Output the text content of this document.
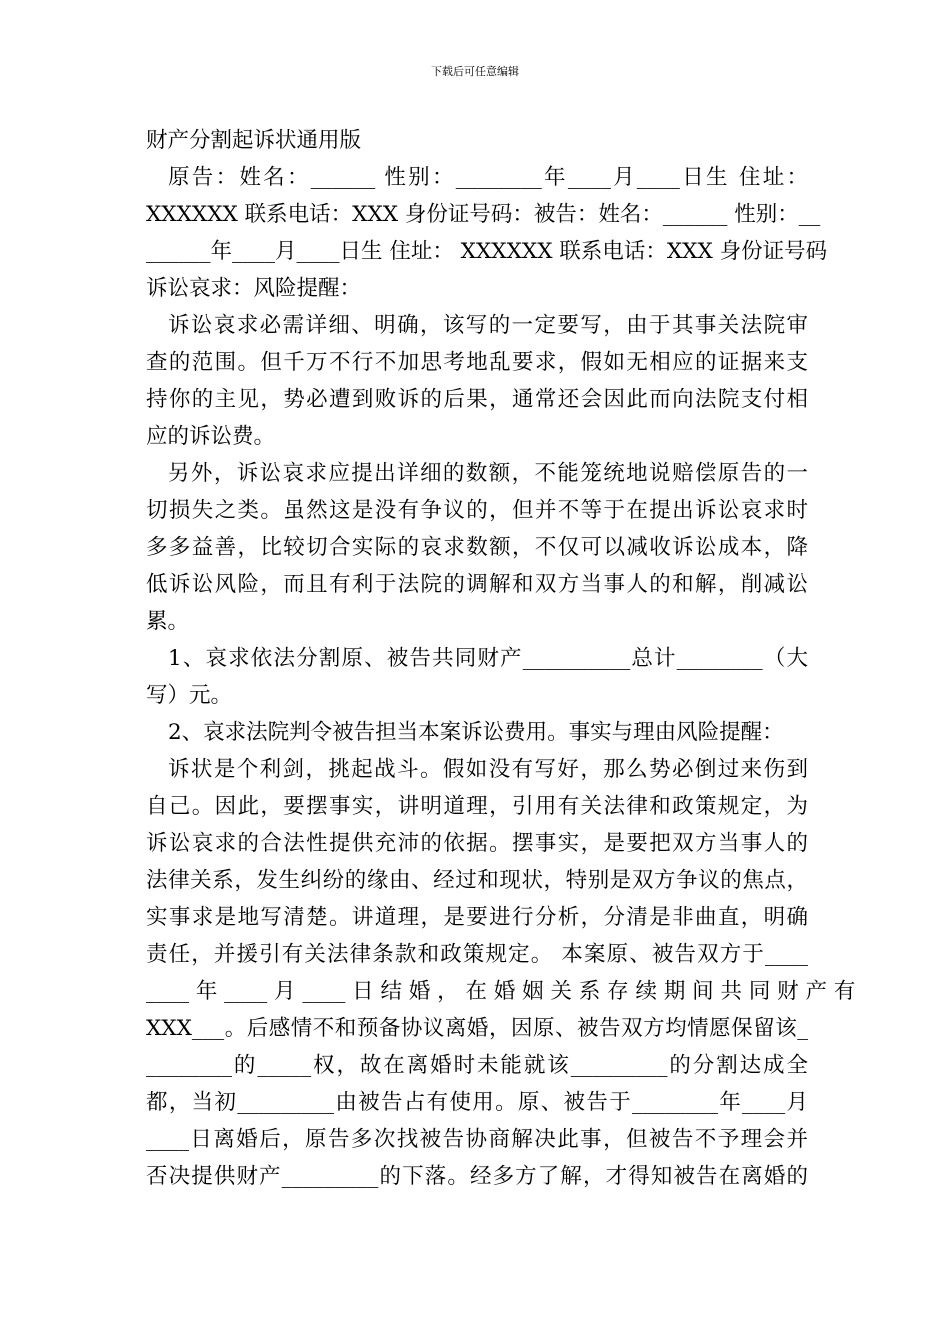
下载后可任意编辑
财产分割起诉状通用版
原告：姓名：______ 性别：________年____月____日生 住址：
XXXXXX 联系电话：XXX 身份证号码：被告：姓名：______ 性别：__
______年____月____日生 住址： XXXXXX 联系电话：XXX 身份证号码
诉讼哀求：风险提醒：
诉讼哀求必需详细、明确，该写的一定要写，由于其事关法院审
查的范围。但千万不行不加思考地乱要求，假如无相应的证据来支
持你的主见，势必遭到败诉的后果，通常还会因此而向法院支付相
应的诉讼费。
另外，诉讼哀求应提出详细的数额，不能笼统地说赔偿原告的一
切损失之类。虽然这是没有争议的，但并不等于在提出诉讼哀求时
多多益善，比较切合实际的哀求数额，不仅可以减收诉讼成本，降
低诉讼风险，而且有利于法院的调解和双方当事人的和解，削减讼
累。
1、哀求依法分割原、被告共同财产__________总计________（大
写）元。
2、哀求法院判令被告担当本案诉讼费用。事实与理由风险提醒：
诉状是个利剑，挑起战斗。假如没有写好，那么势必倒过来伤到
自己。因此，要摆事实，讲明道理，引用有关法律和政策规定，为
诉讼哀求的合法性提供充沛的依据。摆事实，是要把双方当事人的
法律关系，发生纠纷的缘由、经过和现状，特别是双方争议的焦点，
实事求是地写清楚。讲道理，是要进行分析，分清是非曲直，明确
责任，并援引有关法律条款和政策规定。 本案原、被告双方于____
____ 年 ____ 月 ____ 日 结 婚 ， 在 婚 姻 关 系 存 续 期 间 共 同 财 产 有
XXX___。后感情不和预备协议离婚，因原、被告双方均情愿保留该_
________的_____权，故在离婚时未能就该_________的分割达成全
都，当初_________由被告占有使用。原、被告于________年____月
____日离婚后，原告多次找被告协商解决此事，但被告不予理会并
否决提供财产_________的下落。经多方了解，才得知被告在离婚的
